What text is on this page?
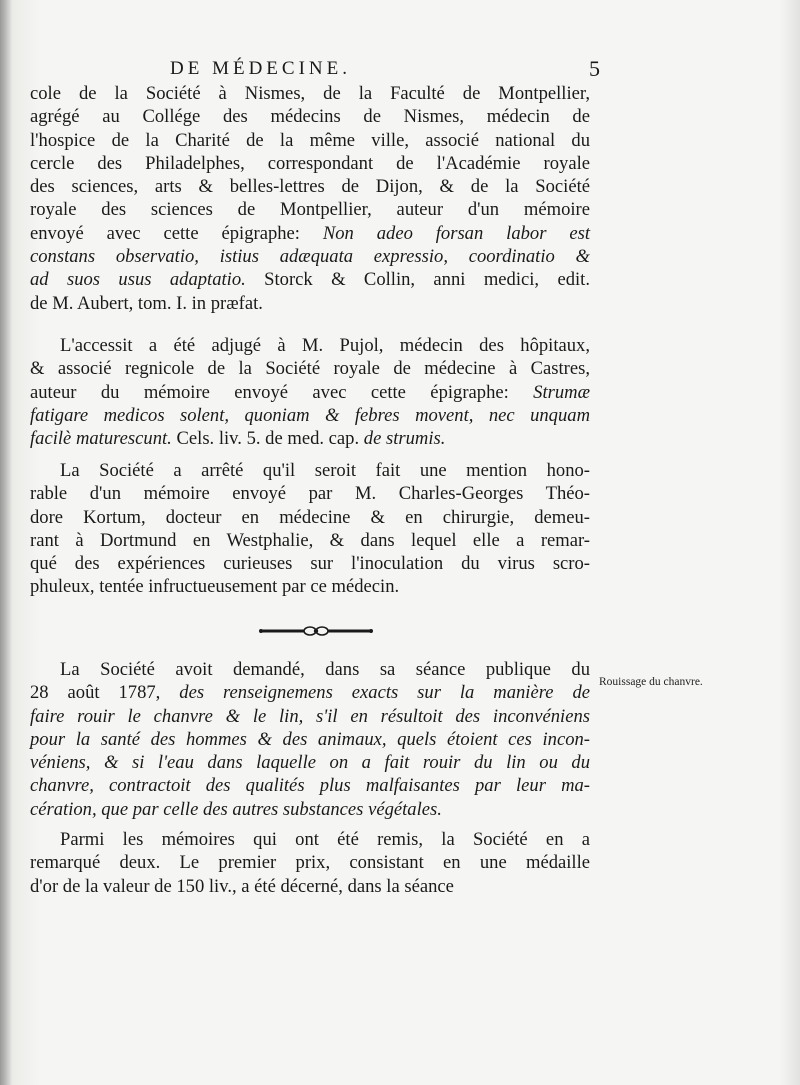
DE MÉDECINE.	5
cole de la Société à Nismes, de la Faculté de Montpellier,
agrégé au Collége des médecins de Nismes, médecin de
l'hospice de la Charité de la même ville, associé national du
cercle des Philadelphes, correspondant de l'Académie royale
des sciences, arts & belles-lettres de Dijon, & de la Société
royale des sciences de Montpellier, auteur d'un mémoire
envoyé avec cette épigraphe: Non adeo forsan labor est
constans observatio, istius adæquata expressio, coordinatio &
ad suos usus adaptatio. Storck & Collin, anni medici, edit.
de M. Aubert, tom. I. in præfat.
L'accessit a été adjugé à M. Pujol, médecin des hôpitaux,
& associé regnicole de la Société royale de médecine à Castres,
auteur du mémoire envoyé avec cette épigraphe: Strumæ
fatigare medicos solent, quoniam & febres movent, nec unquam
facilè maturescunt. Cels. liv. 5. de med. cap. de strumis.
La Société a arrêté qu'il seroit fait une mention hono-
rable d'un mémoire envoyé par M. Charles-Georges Théo-
dore Kortum, docteur en médecine & en chirurgie, demeu-
rant à Dortmund en Westphalie, & dans lequel elle a remar-
qué des expériences curieuses sur l'inoculation du virus scro-
phuleux, tentée infructueusement par ce médecin.
La Société avoit demandé, dans sa séance publique du
28 août 1787, des renseignemens exacts sur la manière de
faire rouir le chanvre & le lin, s'il en résultoit des inconvéniens
pour la santé des hommes & des animaux, quels étoient ces incon-
véniens, & si l'eau dans laquelle on a fait rouir du lin ou du
chanvre, contractoit des qualités plus malfaisantes par leur ma-
cération, que par celle des autres substances végétales.
Rouissage du chanvre.
Parmi les mémoires qui ont été remis, la Société en a
remarqué deux. Le premier prix, consistant en une médaille
d'or de la valeur de 150 liv., a été décerné, dans la séance
